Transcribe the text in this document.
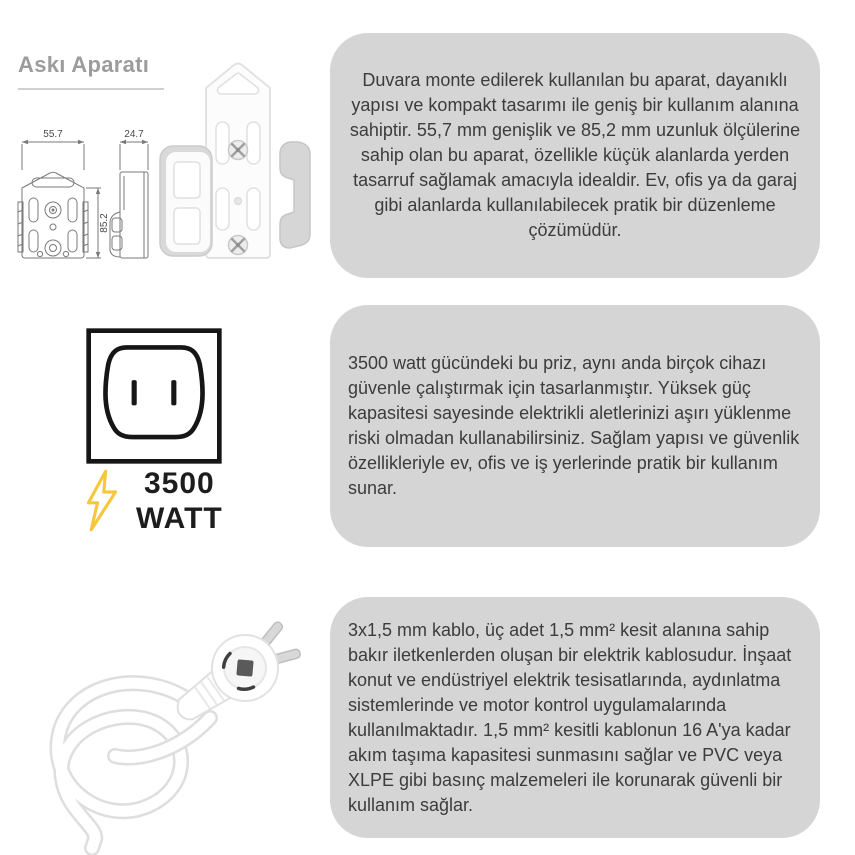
Askı Aparatı
55.7	24.7
85.2

Duvara monte edilerek kullanılan bu aparat, dayanıklı yapısı ve kompakt tasarımı ile geniş bir kullanım alanına sahiptir. 55,7 mm genişlik ve 85,2 mm uzunluk ölçülerine sahip olan bu aparat, özellikle küçük alanlarda yerden tasarruf sağlamak amacıyla idealdir. Ev, ofis ya da garaj gibi alanlarda kullanılabilecek pratik bir düzenleme çözümüdür.

3500
WATT

3500 watt gücündeki bu priz, aynı anda birçok cihazı güvenle çalıştırmak için tasarlanmıştır. Yüksek güç kapasitesi sayesinde elektrikli aletlerinizi aşırı yüklenme riski olmadan kullanabilirsiniz. Sağlam yapısı ve güvenlik özellikleriyle ev, ofis ve iş yerlerinde pratik bir kullanım sunar.

3x1,5 mm kablo, üç adet 1,5 mm² kesit alanına sahip bakır iletkenlerden oluşan bir elektrik kablosudur. İnşaat konut ve endüstriyel elektrik tesisatlarında, aydınlatma sistemlerinde ve motor kontrol uygulamalarında kullanılmaktadır. 1,5 mm² kesitli kablonun 16 A'ya kadar akım taşıma kapasitesi sunmasını sağlar ve PVC veya XLPE gibi basınç malzemeleri ile korunarak güvenli bir kullanım sağlar.
